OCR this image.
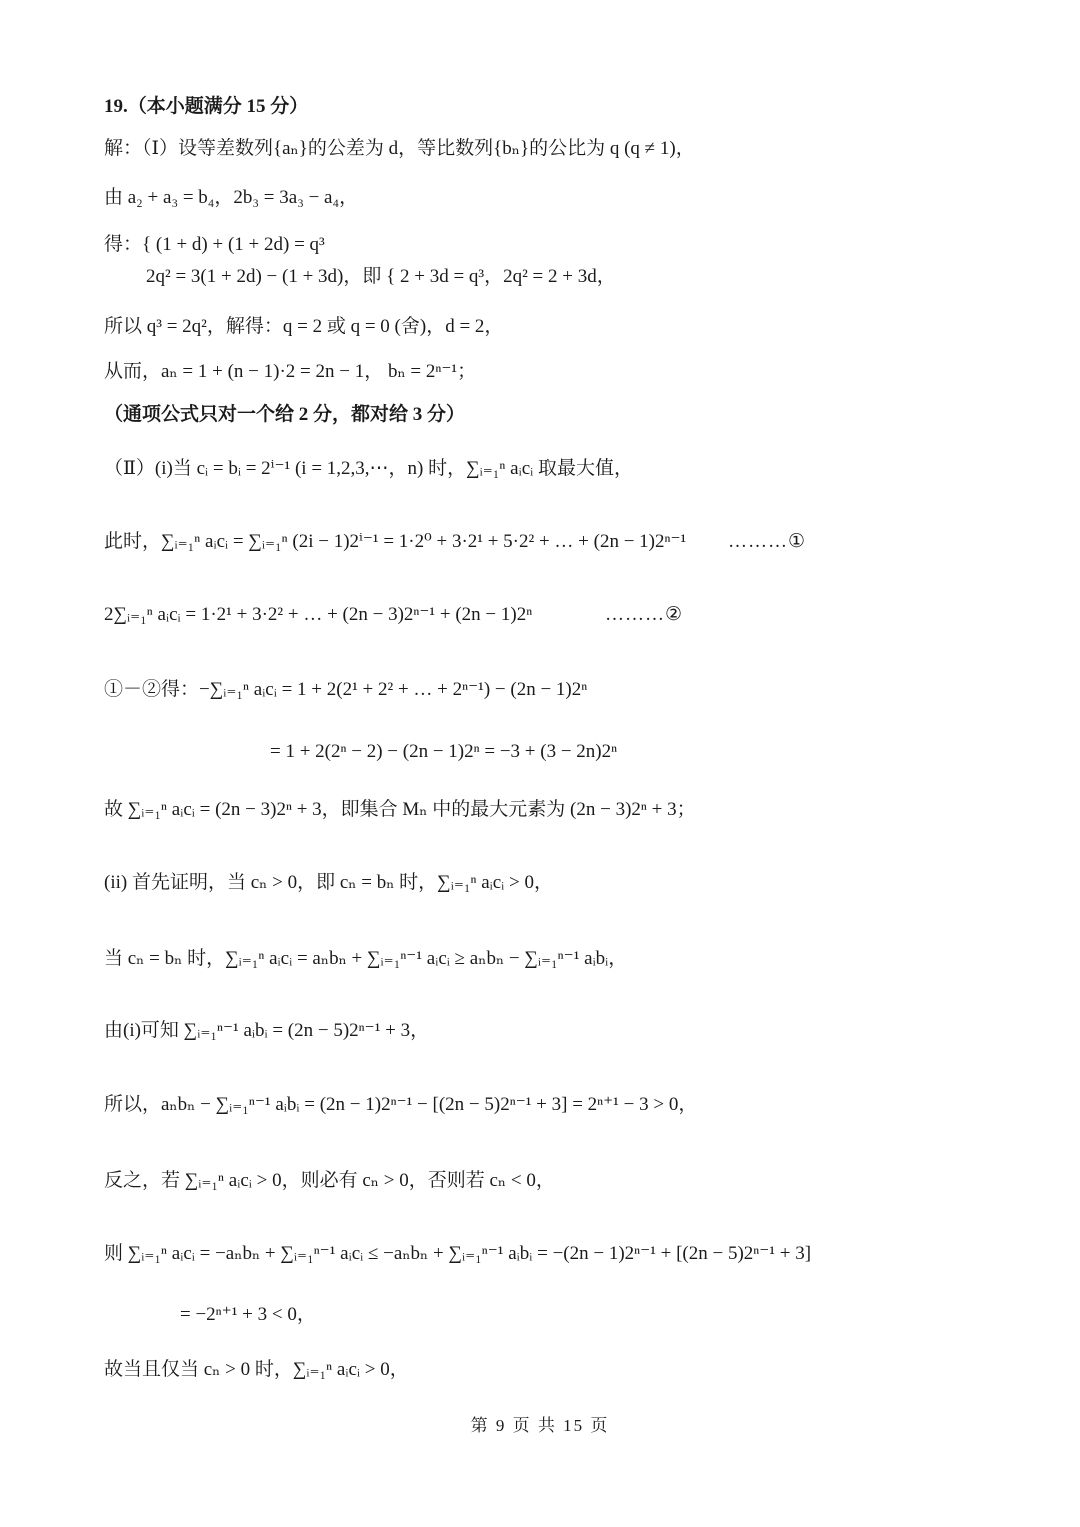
19.（本小题满分 15 分）
解：（Ⅰ）设等差数列{aₙ}的公差为 d，等比数列{bₙ}的公比为 q (q ≠ 1)，
由 a₂ + a₃ = b₄，2b₃ = 3a₃ − a₄，
得：{ (1 + d) + (1 + 2d) = q³
2q² = 3(1 + 2d) − (1 + 3d)，即 { 2 + 3d = q³，2q² = 2 + 3d，
所以 q³ = 2q²，解得：q = 2 或 q = 0 (舍)，d = 2，
从而，aₙ = 1 + (n − 1)·2 = 2n − 1， bₙ = 2ⁿ⁻¹；
（通项公式只对一个给 2 分，都对给 3 分）
（Ⅱ）(i)当 cᵢ = bᵢ = 2ⁱ⁻¹ (i = 1,2,3,⋯，n) 时，∑ᵢ₌₁ⁿ aᵢcᵢ 取最大值，
此时，∑ᵢ₌₁ⁿ aᵢcᵢ = ∑ᵢ₌₁ⁿ (2i − 1)2ⁱ⁻¹ = 1·2⁰ + 3·2¹ + 5·2² + … + (2n − 1)2ⁿ⁻¹	………①
2∑ᵢ₌₁ⁿ aᵢcᵢ = 1·2¹ + 3·2² + … + (2n − 3)2ⁿ⁻¹ + (2n − 1)2ⁿ	………②
①－②得：−∑ᵢ₌₁ⁿ aᵢcᵢ = 1 + 2(2¹ + 2² + … + 2ⁿ⁻¹) − (2n − 1)2ⁿ
= 1 + 2(2ⁿ − 2) − (2n − 1)2ⁿ = −3 + (3 − 2n)2ⁿ
故 ∑ᵢ₌₁ⁿ aᵢcᵢ = (2n − 3)2ⁿ + 3，即集合 Mₙ 中的最大元素为 (2n − 3)2ⁿ + 3；
(ii) 首先证明，当 cₙ > 0，即 cₙ = bₙ 时，∑ᵢ₌₁ⁿ aᵢcᵢ > 0，
当 cₙ = bₙ 时，∑ᵢ₌₁ⁿ aᵢcᵢ = aₙbₙ + ∑ᵢ₌₁ⁿ⁻¹ aᵢcᵢ ≥ aₙbₙ − ∑ᵢ₌₁ⁿ⁻¹ aᵢbᵢ，
由(i)可知 ∑ᵢ₌₁ⁿ⁻¹ aᵢbᵢ = (2n − 5)2ⁿ⁻¹ + 3，
所以，aₙbₙ − ∑ᵢ₌₁ⁿ⁻¹ aᵢbᵢ = (2n − 1)2ⁿ⁻¹ − [(2n − 5)2ⁿ⁻¹ + 3] = 2ⁿ⁺¹ − 3 > 0，
反之，若 ∑ᵢ₌₁ⁿ aᵢcᵢ > 0，则必有 cₙ > 0，否则若 cₙ < 0，
则 ∑ᵢ₌₁ⁿ aᵢcᵢ = −aₙbₙ + ∑ᵢ₌₁ⁿ⁻¹ aᵢcᵢ ≤ −aₙbₙ + ∑ᵢ₌₁ⁿ⁻¹ aᵢbᵢ = −(2n − 1)2ⁿ⁻¹ + [(2n − 5)2ⁿ⁻¹ + 3]
= −2ⁿ⁺¹ + 3 < 0，
故当且仅当 cₙ > 0 时，∑ᵢ₌₁ⁿ aᵢcᵢ > 0，
第 9 页 共 15 页
